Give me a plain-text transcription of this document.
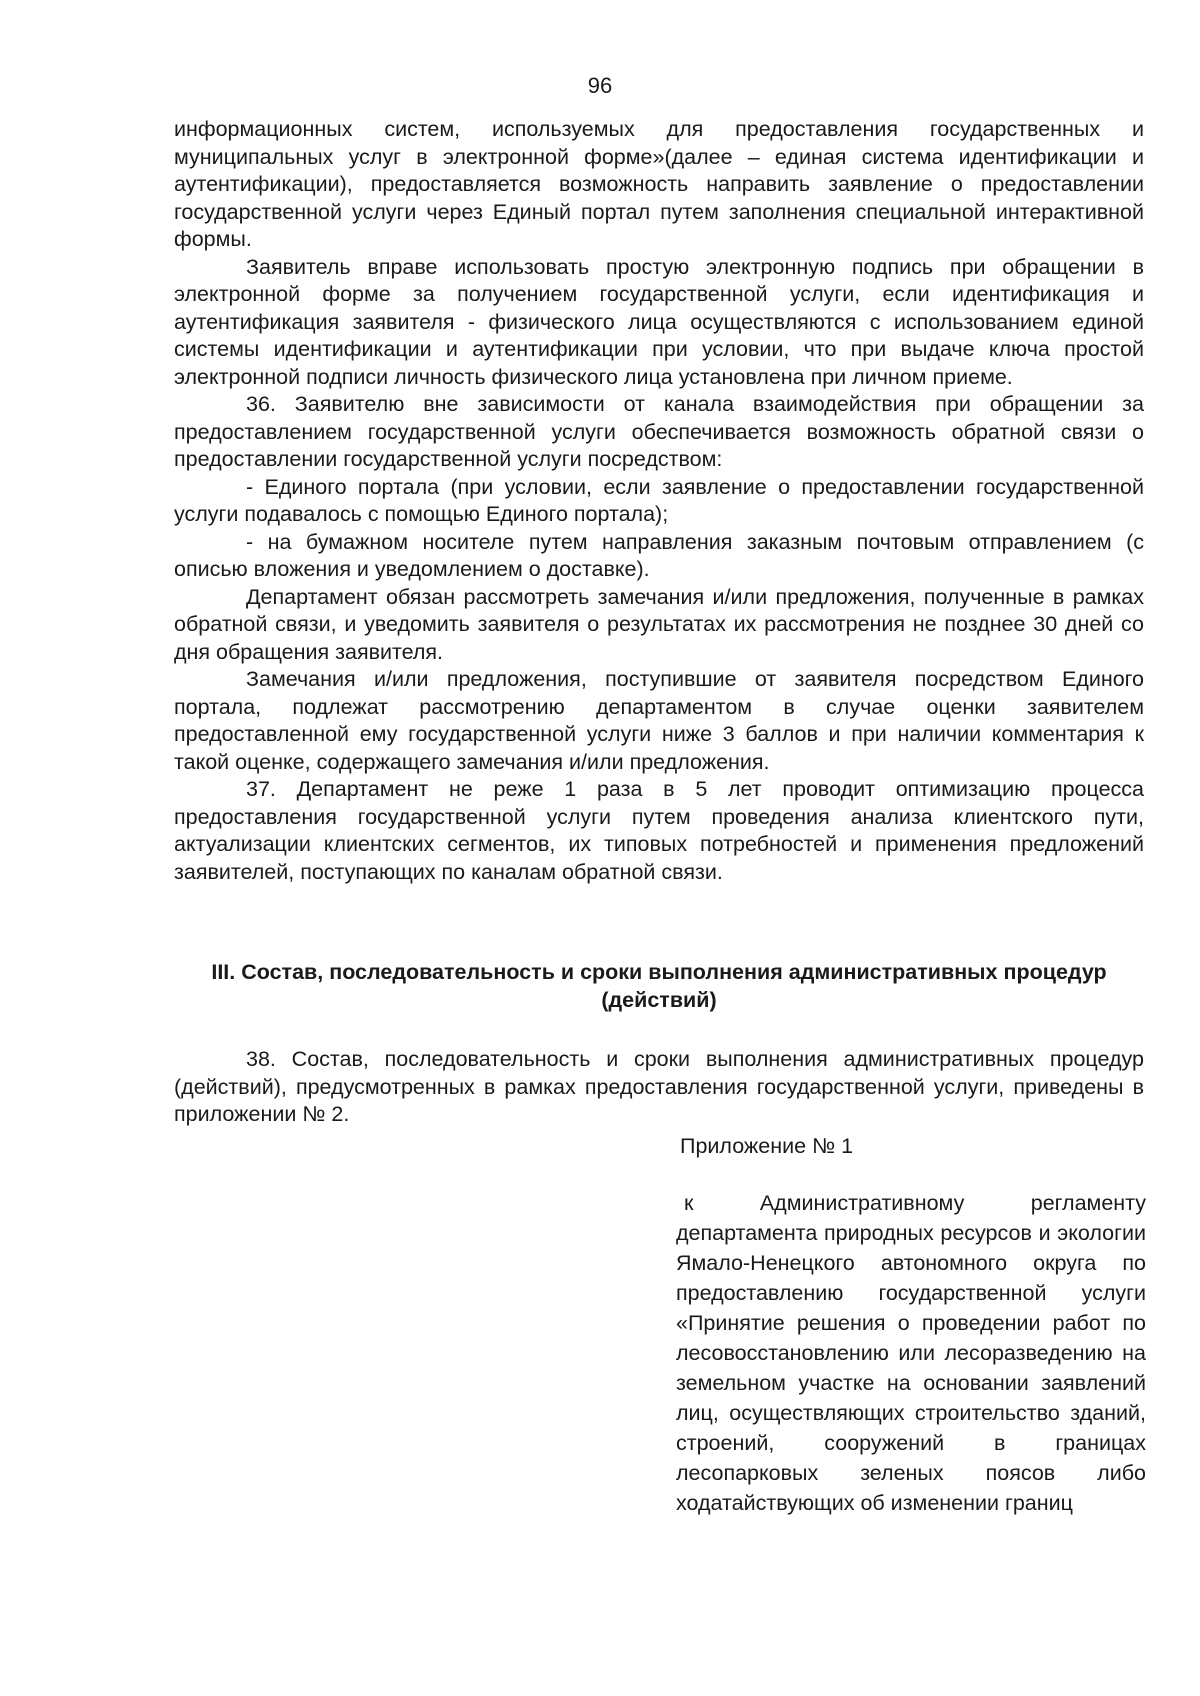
96

информационных систем, используемых для предоставления государственных и муниципальных услуг в электронной форме»(далее – единая система идентификации и аутентификации), предоставляется возможность направить заявление о предоставлении государственной услуги через Единый портал путем заполнения специальной интерактивной формы.

Заявитель вправе использовать простую электронную подпись при обращении в электронной форме за получением государственной услуги, если идентификация и аутентификация заявителя - физического лица осуществляются с использованием единой системы идентификации и аутентификации при условии, что при выдаче ключа простой электронной подписи личность физического лица установлена при личном приеме.

36. Заявителю вне зависимости от канала взаимодействия при обращении за предоставлением государственной услуги обеспечивается возможность обратной связи о предоставлении государственной услуги посредством:

- Единого портала (при условии, если заявление о предоставлении государственной услуги подавалось с помощью Единого портала);

- на бумажном носителе путем направления заказным почтовым отправлением (с описью вложения и уведомлением о доставке).

Департамент обязан рассмотреть замечания и/или предложения, полученные в рамках обратной связи, и уведомить заявителя о результатах их рассмотрения не позднее 30 дней со дня обращения заявителя.

Замечания и/или предложения, поступившие от заявителя посредством Единого портала, подлежат рассмотрению департаментом в случае оценки заявителем предоставленной ему государственной услуги ниже 3 баллов и при наличии комментария к такой оценке, содержащего замечания и/или предложения.

37. Департамент не реже 1 раза в 5 лет проводит оптимизацию процесса предоставления государственной услуги путем проведения анализа клиентского пути, актуализации клиентских сегментов, их типовых потребностей и применения предложений заявителей, поступающих по каналам обратной связи.

III. Состав, последовательность и сроки выполнения административных процедур (действий)

38. Состав, последовательность и сроки выполнения административных процедур (действий), предусмотренных в рамках предоставления государственной услуги, приведены в приложении № 2.

Приложение № 1

к Административному регламенту департамента природных ресурсов и экологии Ямало-Ненецкого автономного округа по предоставлению государственной услуги «Принятие решения о проведении работ по лесовосстановлению или лесоразведению на земельном участке на основании заявлений лиц, осуществляющих строительство зданий, строений, сооружений в границах лесопарковых зеленых поясов либо ходатайствующих об изменении границ
